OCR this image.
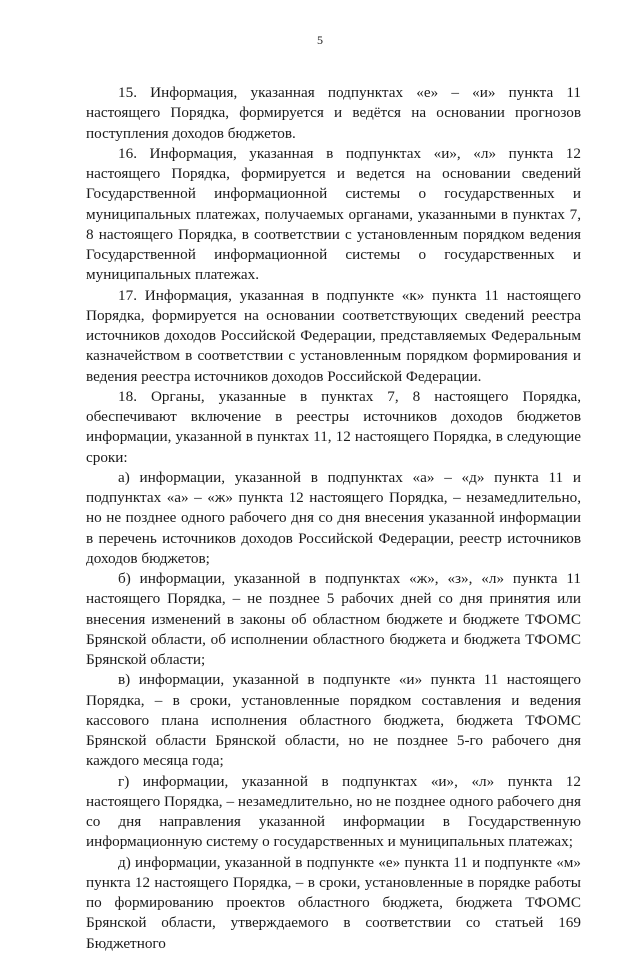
5

15. Информация, указанная подпунктах «е» – «и» пункта 11 настоящего Порядка, формируется и ведётся на основании прогнозов поступления доходов бюджетов.

16. Информация, указанная в подпунктах «и», «л» пункта 12 настоящего Порядка, формируется и ведется на основании сведений Государственной информационной системы о государственных и муниципальных платежах, получаемых органами, указанными в пунктах 7, 8 настоящего Порядка, в соответствии с установленным порядком ведения Государственной информационной системы о государственных и муниципальных платежах.

17. Информация, указанная в подпункте «к» пункта 11 настоящего Порядка, формируется на основании соответствующих сведений реестра источников доходов Российской Федерации, представляемых Федеральным казначейством в соответствии с установленным порядком формирования и ведения реестра источников доходов Российской Федерации.

18. Органы, указанные в пунктах 7, 8 настоящего Порядка, обеспечивают включение в реестры источников доходов бюджетов информации, указанной в пунктах 11, 12 настоящего Порядка, в следующие сроки:

а) информации, указанной в подпунктах «а» – «д» пункта 11 и подпунктах «а» – «ж» пункта 12 настоящего Порядка, – незамедлительно, но не позднее одного рабочего дня со дня внесения указанной информации в перечень источников доходов Российской Федерации, реестр источников доходов бюджетов;

б) информации, указанной в подпунктах «ж», «з», «л» пункта 11 настоящего Порядка, – не позднее 5 рабочих дней со дня принятия или внесения изменений в законы об областном бюджете и бюджете ТФОМС Брянской области, об исполнении областного бюджета и бюджета ТФОМС Брянской области;

в) информации, указанной в подпункте «и» пункта 11 настоящего Порядка, – в сроки, установленные порядком составления и ведения кассового плана исполнения областного бюджета, бюджета ТФОМС Брянской области Брянской области, но не позднее 5-го рабочего дня каждого месяца года;

г) информации, указанной в подпунктах «и», «л» пункта 12 настоящего Порядка, – незамедлительно, но не позднее одного рабочего дня со дня направления указанной информации в Государственную информационную систему о государственных и муниципальных платежах;

д) информации, указанной в подпункте «е» пункта 11 и подпункте «м» пункта 12 настоящего Порядка, – в сроки, установленные в порядке работы по формированию проектов областного бюджета, бюджета ТФОМС Брянской области, утверждаемого в соответствии со статьей 169 Бюджетного
